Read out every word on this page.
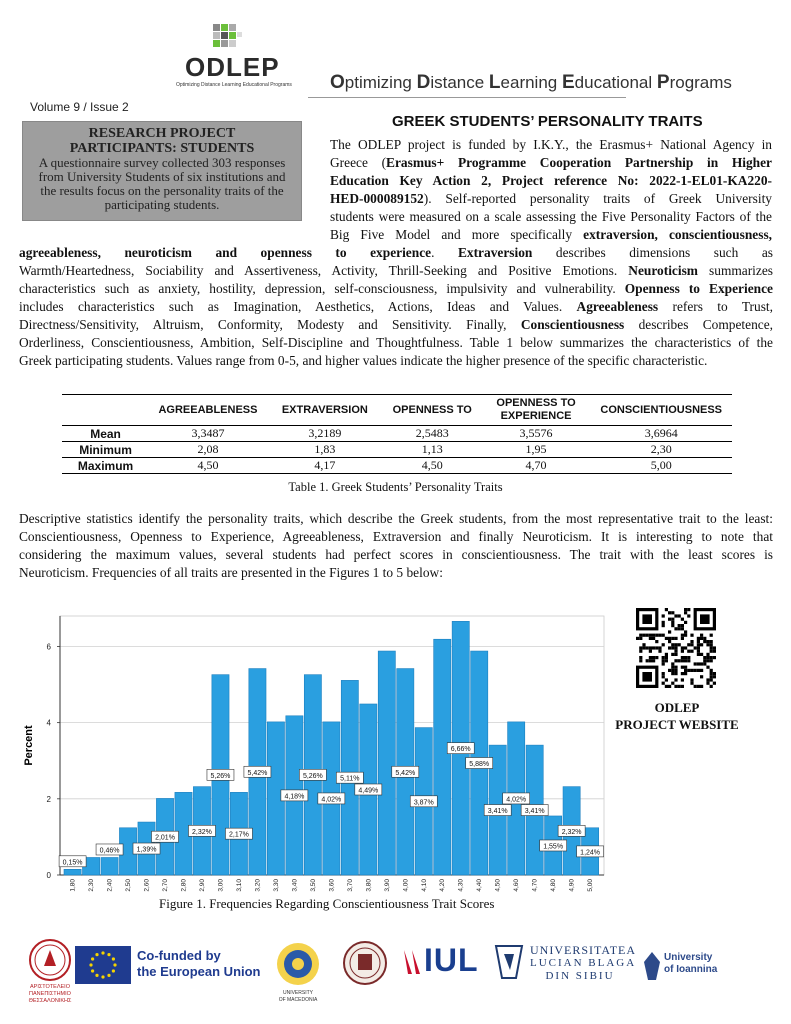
ODLEP
Optimizing Distance Learning Educational Programs Optimizing Distance Learning Educational Programs
Volume 9 / Issue 2
RESEARCH PROJECT
PARTICIPANTS: STUDENTS
A questionnaire survey collected 303 responses
from University Students of six institutions and
the results focus on the personality traits of the
participating students.
GREEK STUDENTS’ PERSONALITY TRAITS
The ODLEP project is funded by I.K.Y., the Erasmus+ National Agency in
Greece (Erasmus+ Programme Cooperation Partnership in Higher
Education Key Action 2, Project reference No: 2022-1-EL01-KA220-
HED-000089152). Self-reported personality traits of Greek University
students were measured on a scale assessing the Five Personality Factors of the
Big Five Model and more specifically extraversion, conscientiousness,
agreeableness, neuroticism and openness to experience. Extraversion describes dimensions such as
Warmth/Heartedness, Sociability and Assertiveness, Activity, Thrill-Seeking and Positive Emotions. Neuroticism summarizes
characteristics such as anxiety, hostility, depression, self-consciousness, impulsivity and vulnerability. Openness to Experience
includes characteristics such as Imagination, Aesthetics, Actions, Ideas and Values. Agreeableness refers to Trust,
Directness/Sensitivity, Altruism, Conformity, Modesty and Sensitivity. Finally, Conscientiousness describes Competence,
Orderliness, Conscientiousness, Ambition, Self-Discipline and Thoughtfulness. Table 1 below summarizes the characteristics of the
Greek participating students. Values range from 0-5, and higher values indicate the higher presence of the specific characteristic.
	AGREEABLENESS	EXTRAVERSION	OPENNESS TO	OPENNESS TO
EXPERIENCE	CONSCIENTIOUSNESS
Mean	3,3487	3,2189	2,5483	3,5576	3,6964
Minimum	2,08	1,83	1,13	1,95	2,30
Maximum	4,50	4,17	4,50	4,70	5,00
Table 1. Greek Students’ Personality Traits
Descriptive statistics identify the personality traits, which describe the Greek students, from the most representative trait to the least:
Conscientiousness, Openness to Experience, Agreeableness, Extraversion and finally Neuroticism. It is interesting to note that
considering the maximum values, several students had perfect scores in conscientiousness. The trait with the least scores is
Neuroticism. Frequencies of all traits are presented in the Figures 1 to 5 below:
0
2
4
6
Percent
1,80 2,30 2,40 2,50 2,60 2,70 2,80 2,90 3,00 3,10 3,20 3,30 3,40 3,50 3,60 3,70 3,80 3,90 4,00 4,10 4,20 4,30 4,40 4,50 4,60 4,70 4,80 4,90 5,00
0,15%
0,46% 1,39%
2,01%
2,32%
5,26%
2,17%
5,42%
4,18%
5,26%
4,02%
5,11%
4,49%
5,42%
3,87%
6,66%
5,88%
3,41%
4,02%
3,41%
1,55%
2,32%
1,24%
Figure 1. Frequencies Regarding Conscientiousness Trait Scores
ODLEP
PROJECT WEBSITE
ΑΡΙΣΤΟΤΕΛΕΙΟ
ΠΑΝΕΠΙΣΤΗΜΙΟ
ΘΕΣΣΑΛΟΝΙΚΗΣ
Co-funded by
the European Union
UNIVERSITY
OF MACEDONIA
IUL	UNIVERSITATEA
LUCIAN BLAGA
DIN SIBIU
University
of Ioannina
